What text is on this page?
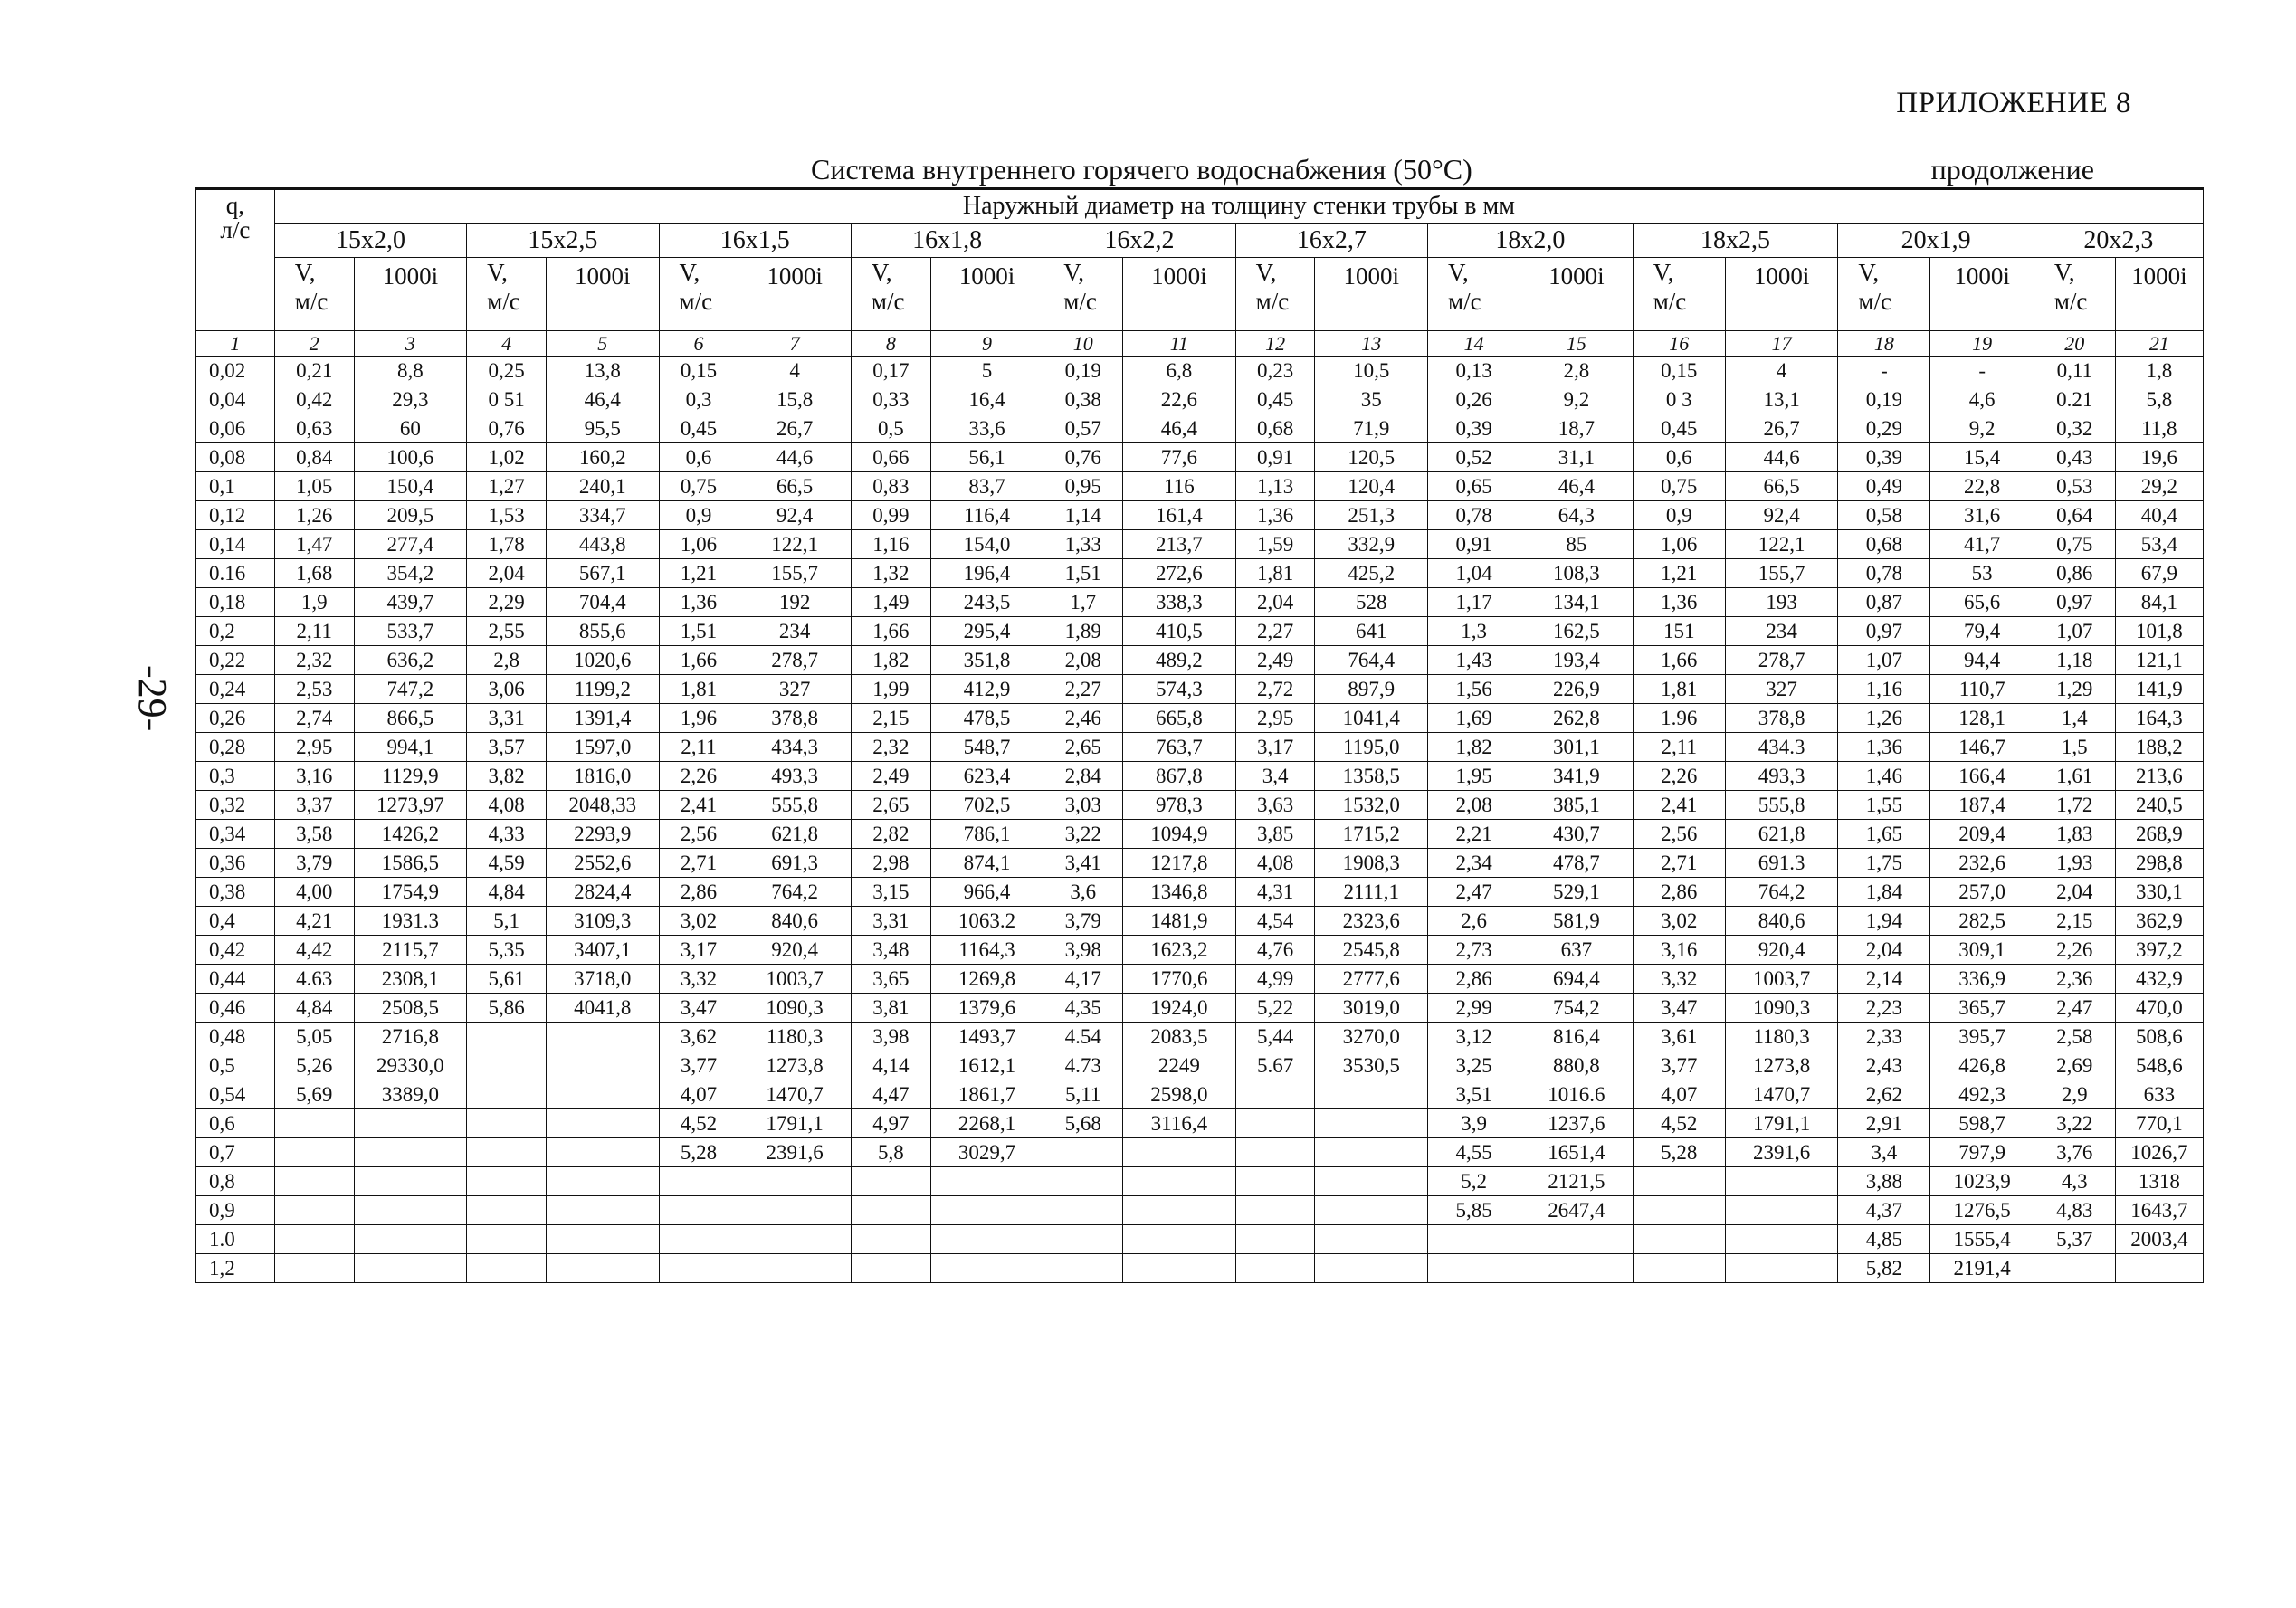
ПРИЛОЖЕНИЕ 8
-29-
Система внутреннего горячего водоснабжения (50°С)	продолжение
q,
л/с	Наружный диаметр на толщину стенки трубы в мм																			
	15x2,0		15x2,5		16x1,5		16x1,8		16x2,2		16x2,7		18x2,0		18x2,5		20x1,9		20x2,3	
	V,
м/с	1000i	V,
м/с	1000i	V,
м/с	1000i	V,
м/с	1000i	V,
м/с	1000i	V,
м/с	1000i	V,
м/с	1000i	V,
м/с	1000i	V,
м/с	1000i	V,
м/с	1000i
1	2	3	4	5	6	7	8	9	10	11	12	13	14	15	16	17	18	19	20	21
0,02	0,21	8,8	0,25	13,8	0,15	4	0,17	5	0,19	6,8	0,23	10,5	0,13	2,8	0,15	4	-	-	0,11	1,8
0,04	0,42	29,3	0 51	46,4	0,3	15,8	0,33	16,4	0,38	22,6	0,45	35	0,26	9,2	0 3	13,1	0,19	4,6	0.21	5,8
0,06	0,63	60	0,76	95,5	0,45	26,7	0,5	33,6	0,57	46,4	0,68	71,9	0,39	18,7	0,45	26,7	0,29	9,2	0,32	11,8
0,08	0,84	100,6	1,02	160,2	0,6	44,6	0,66	56,1	0,76	77,6	0,91	120,5	0,52	31,1	0,6	44,6	0,39	15,4	0,43	19,6
0,1	1,05	150,4	1,27	240,1	0,75	66,5	0,83	83,7	0,95	116	1,13	120,4	0,65	46,4	0,75	66,5	0,49	22,8	0,53	29,2
0,12	1,26	209,5	1,53	334,7	0,9	92,4	0,99	116,4	1,14	161,4	1,36	251,3	0,78	64,3	0,9	92,4	0,58	31,6	0,64	40,4
0,14	1,47	277,4	1,78	443,8	1,06	122,1	1,16	154,0	1,33	213,7	1,59	332,9	0,91	85	1,06	122,1	0,68	41,7	0,75	53,4
0.16	1,68	354,2	2,04	567,1	1,21	155,7	1,32	196,4	1,51	272,6	1,81	425,2	1,04	108,3	1,21	155,7	0,78	53	0,86	67,9
0,18	1,9	439,7	2,29	704,4	1,36	192	1,49	243,5	1,7	338,3	2,04	528	1,17	134,1	1,36	193	0,87	65,6	0,97	84,1
0,2	2,11	533,7	2,55	855,6	1,51	234	1,66	295,4	1,89	410,5	2,27	641	1,3	162,5	151	234	0,97	79,4	1,07	101,8
0,22	2,32	636,2	2,8	1020,6	1,66	278,7	1,82	351,8	2,08	489,2	2,49	764,4	1,43	193,4	1,66	278,7	1,07	94,4	1,18	121,1
0,24	2,53	747,2	3,06	1199,2	1,81	327	1,99	412,9	2,27	574,3	2,72	897,9	1,56	226,9	1,81	327	1,16	110,7	1,29	141,9
0,26	2,74	866,5	3,31	1391,4	1,96	378,8	2,15	478,5	2,46	665,8	2,95	1041,4	1,69	262,8	1.96	378,8	1,26	128,1	1,4	164,3
0,28	2,95	994,1	3,57	1597,0	2,11	434,3	2,32	548,7	2,65	763,7	3,17	1195,0	1,82	301,1	2,11	434.3	1,36	146,7	1,5	188,2
0,3	3,16	1129,9	3,82	1816,0	2,26	493,3	2,49	623,4	2,84	867,8	3,4	1358,5	1,95	341,9	2,26	493,3	1,46	166,4	1,61	213,6
0,32	3,37	1273,97	4,08	2048,33	2,41	555,8	2,65	702,5	3,03	978,3	3,63	1532,0	2,08	385,1	2,41	555,8	1,55	187,4	1,72	240,5
0,34	3,58	1426,2	4,33	2293,9	2,56	621,8	2,82	786,1	3,22	1094,9	3,85	1715,2	2,21	430,7	2,56	621,8	1,65	209,4	1,83	268,9
0,36	3,79	1586,5	4,59	2552,6	2,71	691,3	2,98	874,1	3,41	1217,8	4,08	1908,3	2,34	478,7	2,71	691.3	1,75	232,6	1,93	298,8
0,38	4,00	1754,9	4,84	2824,4	2,86	764,2	3,15	966,4	3,6	1346,8	4,31	2111,1	2,47	529,1	2,86	764,2	1,84	257,0	2,04	330,1
0,4	4,21	1931.3	5,1	3109,3	3,02	840,6	3,31	1063.2	3,79	1481,9	4,54	2323,6	2,6	581,9	3,02	840,6	1,94	282,5	2,15	362,9
0,42	4,42	2115,7	5,35	3407,1	3,17	920,4	3,48	1164,3	3,98	1623,2	4,76	2545,8	2,73	637	3,16	920,4	2,04	309,1	2,26	397,2
0,44	4.63	2308,1	5,61	3718,0	3,32	1003,7	3,65	1269,8	4,17	1770,6	4,99	2777,6	2,86	694,4	3,32	1003,7	2,14	336,9	2,36	432,9
0,46	4,84	2508,5	5,86	4041,8	3,47	1090,3	3,81	1379,6	4,35	1924,0	5,22	3019,0	2,99	754,2	3,47	1090,3	2,23	365,7	2,47	470,0
0,48	5,05	2716,8			3,62	1180,3	3,98	1493,7	4.54	2083,5	5,44	3270,0	3,12	816,4	3,61	1180,3	2,33	395,7	2,58	508,6
0,5	5,26	29330,0			3,77	1273,8	4,14	1612,1	4.73	2249	5.67	3530,5	3,25	880,8	3,77	1273,8	2,43	426,8	2,69	548,6
0,54	5,69	3389,0			4,07	1470,7	4,47	1861,7	5,11	2598,0			3,51	1016.6	4,07	1470,7	2,62	492,3	2,9	633
0,6					4,52	1791,1	4,97	2268,1	5,68	3116,4			3,9	1237,6	4,52	1791,1	2,91	598,7	3,22	770,1
0,7					5,28	2391,6	5,8	3029,7					4,55	1651,4	5,28	2391,6	3,4	797,9	3,76	1026,7
0,8													5,2	2121,5			3,88	1023,9	4,3	1318
0,9													5,85	2647,4			4,37	1276,5	4,83	1643,7
1.0																	4,85	1555,4	5,37	2003,4
1,2																	5,82	2191,4		
